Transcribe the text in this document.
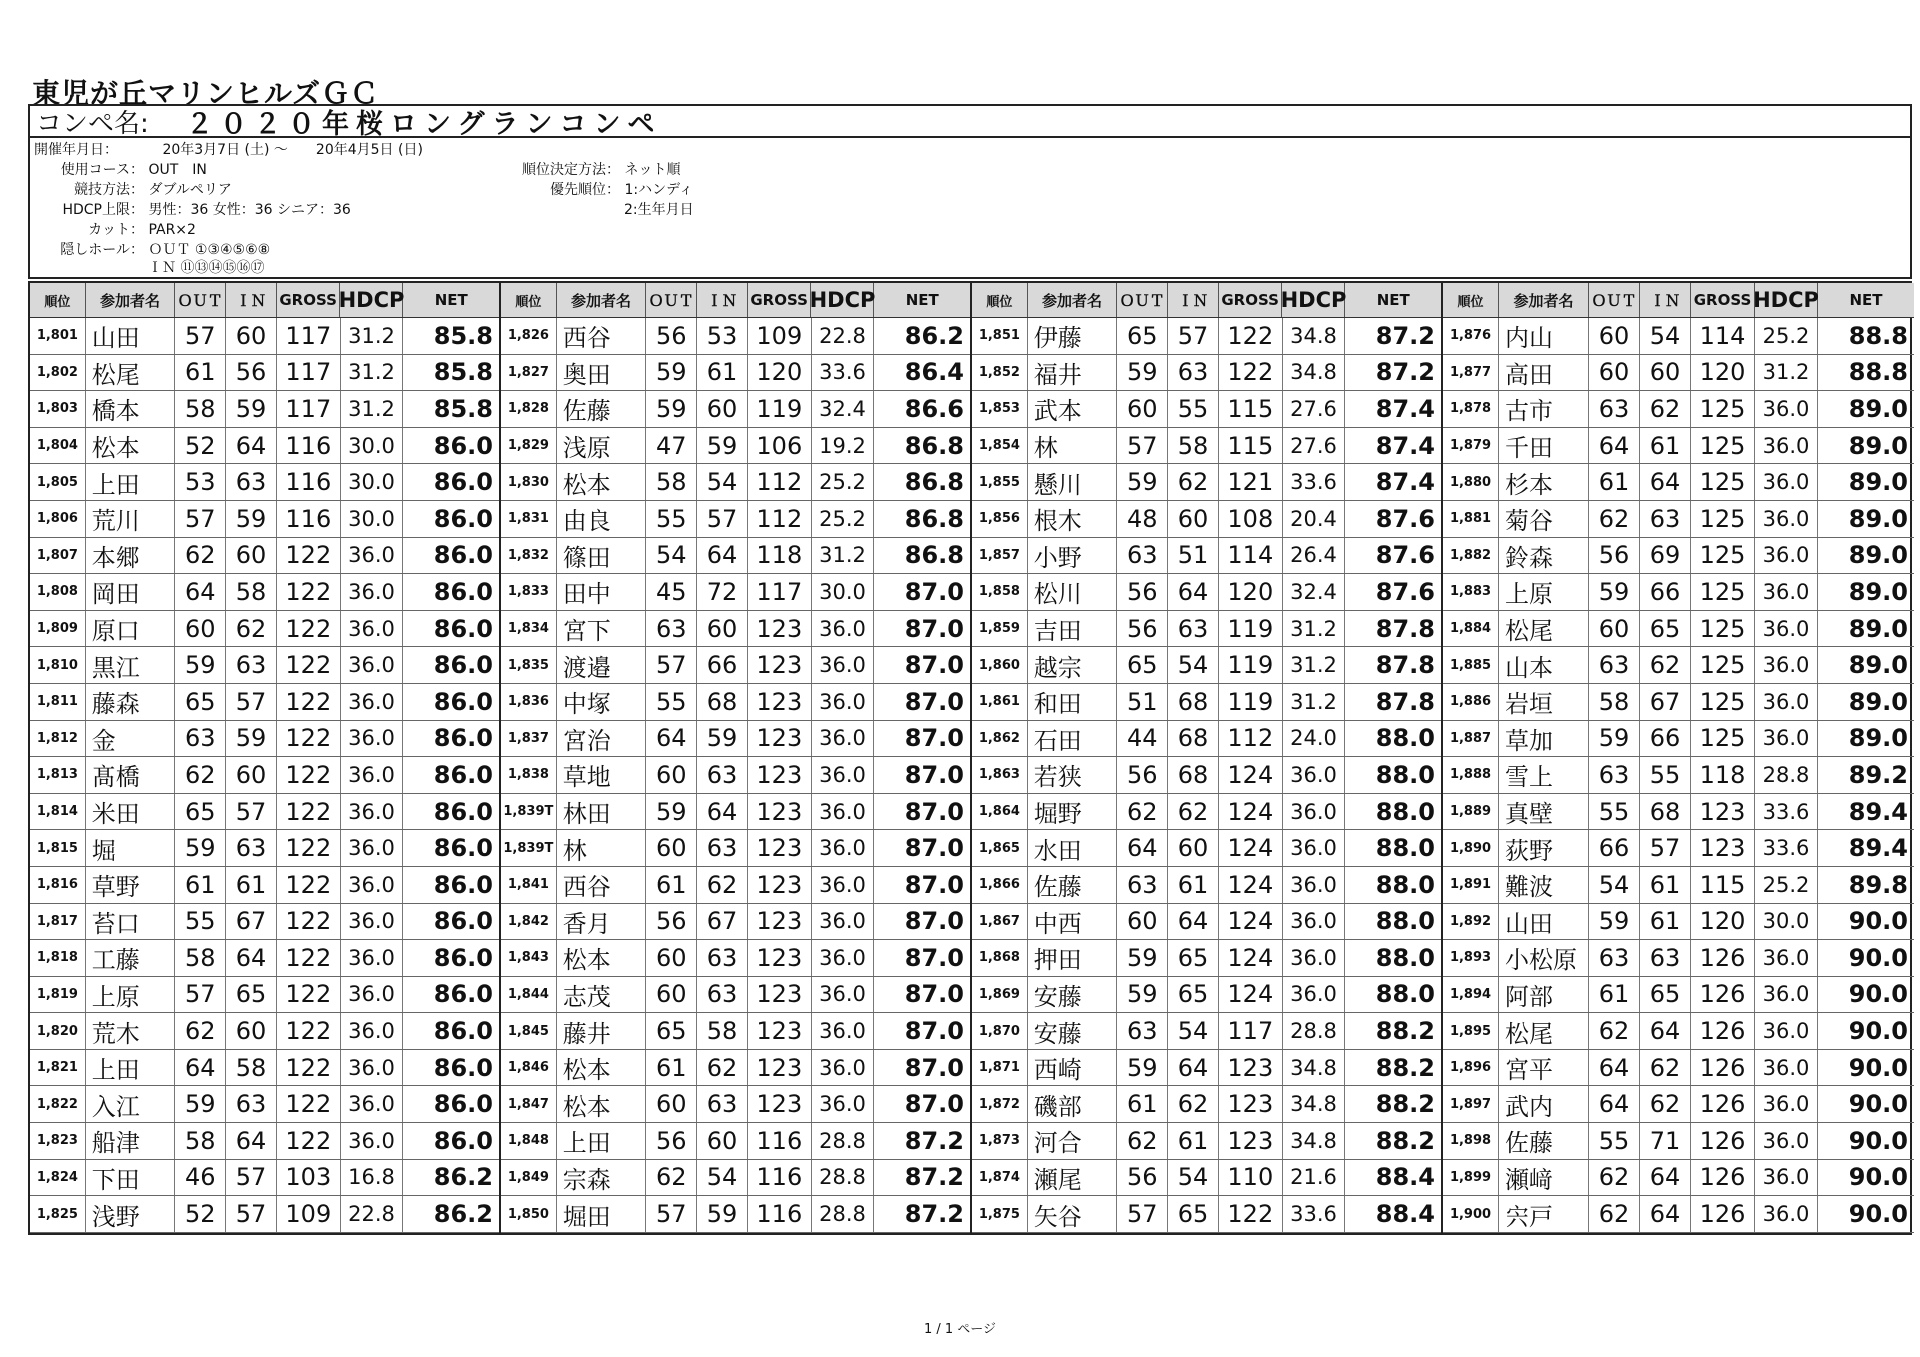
東児が丘マリンヒルズＧＣ
コンペ名:	２０２０年桜ロングランコンペ
開催年月日：	20年3月7日 (土) ～　　20年4月5日 (日)
使用コース： OUT　IN
競技方法： ダブルペリア
HDCP上限： 男性：36 女性：36 シニア：36
カット： PAR×2
隠しホール： ＯＵＴ ①③④⑤⑥⑧
ＩＮ ⑪⑬⑭⑮⑯⑰
順位決定方法： ネット順
優先順位： 1:ハンディ
2:生年月日
順位	参加者名	ＯＵＴ ＩＮ GROSS HDCP	NET
1,801 山田	57 60 117 31.2	85.8
1,802 松尾	61 56 117 31.2	85.8
1,803 橋本	58 59 117 31.2	85.8
1,804 松本	52 64 116 30.0	86.0
1,805 上田	53 63 116 30.0	86.0
1,806 荒川	57 59 116 30.0	86.0
1,807 本郷	62 60 122 36.0	86.0
1,808 岡田	64 58 122 36.0	86.0
1,809 原口	60 62 122 36.0	86.0
1,810 黒江	59 63 122 36.0	86.0
1,811 藤森	65 57 122 36.0	86.0
1,812 金	63 59 122 36.0	86.0
1,813 髙橋	62 60 122 36.0	86.0
1,814 米田	65 57 122 36.0	86.0
1,815 堀	59 63 122 36.0	86.0
1,816 草野	61 61 122 36.0	86.0
1,817 苔口	55 67 122 36.0	86.0
1,818 工藤	58 64 122 36.0	86.0
1,819 上原	57 65 122 36.0	86.0
1,820 荒木	62 60 122 36.0	86.0
1,821 上田	64 58 122 36.0	86.0
1,822 入江	59 63 122 36.0	86.0
1,823 船津	58 64 122 36.0	86.0
1,824 下田	46 57 103 16.8	86.2
1,825 浅野	52 57 109 22.8	86.2
順位	参加者名	ＯＵＴ ＩＮ GROSS HDCP	NET
1,826 西谷	56 53 109 22.8	86.2
1,827 奥田	59 61 120 33.6	86.4
1,828 佐藤	59 60 119 32.4	86.6
1,829 浅原	47 59 106 19.2	86.8
1,830 松本	58 54 112 25.2	86.8
1,831 由良	55 57 112 25.2	86.8
1,832 篠田	54 64 118 31.2	86.8
1,833 田中	45 72 117 30.0	87.0
1,834 宮下	63 60 123 36.0	87.0
1,835 渡邉	57 66 123 36.0	87.0
1,836 中塚	55 68 123 36.0	87.0
1,837 宮治	64 59 123 36.0	87.0
1,838 草地	60 63 123 36.0	87.0
1,839T 林田	59 64 123 36.0	87.0
1,839T 林	60 63 123 36.0	87.0
1,841 西谷	61 62 123 36.0	87.0
1,842 香月	56 67 123 36.0	87.0
1,843 松本	60 63 123 36.0	87.0
1,844 志茂	60 63 123 36.0	87.0
1,845 藤井	65 58 123 36.0	87.0
1,846 松本	61 62 123 36.0	87.0
1,847 松本	60 63 123 36.0	87.0
1,848 上田	56 60 116 28.8	87.2
1,849 宗森	62 54 116 28.8	87.2
1,850 堀田	57 59 116 28.8	87.2
順位	参加者名	ＯＵＴ ＩＮ GROSS HDCP	NET
1,851 伊藤	65 57 122 34.8	87.2
1,852 福井	59 63 122 34.8	87.2
1,853 武本	60 55 115 27.6	87.4
1,854 林	57 58 115 27.6	87.4
1,855 懸川	59 62 121 33.6	87.4
1,856 根木	48 60 108 20.4	87.6
1,857 小野	63 51 114 26.4	87.6
1,858 松川	56 64 120 32.4	87.6
1,859 吉田	56 63 119 31.2	87.8
1,860 越宗	65 54 119 31.2	87.8
1,861 和田	51 68 119 31.2	87.8
1,862 石田	44 68 112 24.0	88.0
1,863 若狭	56 68 124 36.0	88.0
1,864 堀野	62 62 124 36.0	88.0
1,865 水田	64 60 124 36.0	88.0
1,866 佐藤	63 61 124 36.0	88.0
1,867 中西	60 64 124 36.0	88.0
1,868 押田	59 65 124 36.0	88.0
1,869 安藤	59 65 124 36.0	88.0
1,870 安藤	63 54 117 28.8	88.2
1,871 西崎	59 64 123 34.8	88.2
1,872 磯部	61 62 123 34.8	88.2
1,873 河合	62 61 123 34.8	88.2
1,874 瀬尾	56 54 110 21.6	88.4
1,875 矢谷	57 65 122 33.6	88.4
順位	参加者名	ＯＵＴ ＩＮ GROSS HDCP	NET
1,876 内山	60 54 114 25.2	88.8
1,877 高田	60 60 120 31.2	88.8
1,878 古市	63 62 125 36.0	89.0
1,879 千田	64 61 125 36.0	89.0
1,880 杉本	61 64 125 36.0	89.0
1,881 菊谷	62 63 125 36.0	89.0
1,882 鈴森	56 69 125 36.0	89.0
1,883 上原	59 66 125 36.0	89.0
1,884 松尾	60 65 125 36.0	89.0
1,885 山本	63 62 125 36.0	89.0
1,886 岩垣	58 67 125 36.0	89.0
1,887 草加	59 66 125 36.0	89.0
1,888 雪上	63 55 118 28.8	89.2
1,889 真壁	55 68 123 33.6	89.4
1,890 荻野	66 57 123 33.6	89.4
1,891 難波	54 61 115 25.2	89.8
1,892 山田	59 61 120 30.0	90.0
1,893 小松原 63 63 126 36.0	90.0
1,894 阿部	61 65 126 36.0	90.0
1,895 松尾	62 64 126 36.0	90.0
1,896 宮平	64 62 126 36.0	90.0
1,897 武内	64 62 126 36.0	90.0
1,898 佐藤	55 71 126 36.0	90.0
1,899 瀬﨑	62 64 126 36.0	90.0
1,900 宍戸	62 64 126 36.0	90.0
1 / 1 ページ
